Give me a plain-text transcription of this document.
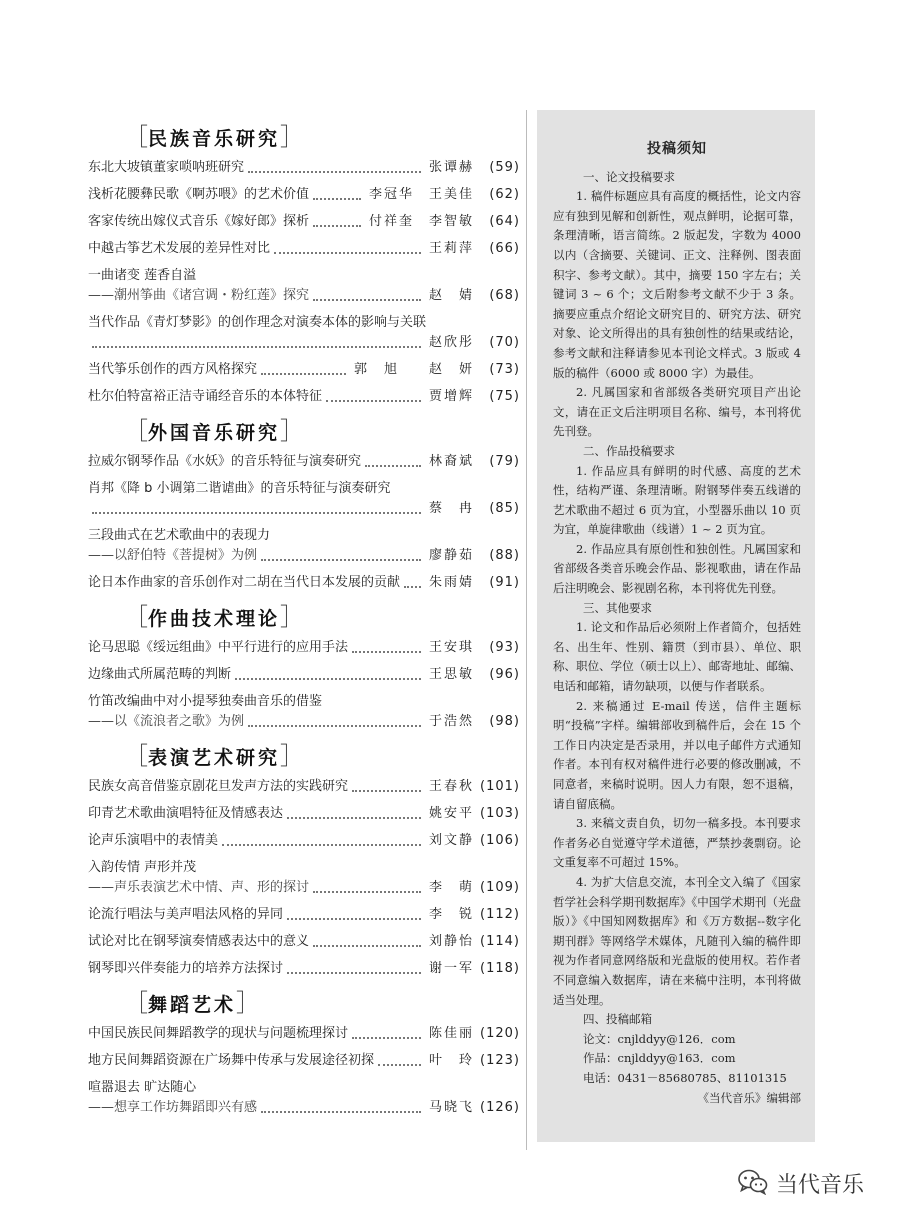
［民族音乐研究］
东北大坡镇董家唢呐班研究	张谭赫	(59)
浅析花腰彝民歌《啊苏喂》的艺术价值	李冠华　王美佳	(62)
客家传统出嫁仪式音乐《嫁好郎》探析	付祥奎　李智敏	(64)
中越古筝艺术发展的差异性对比	王莉萍	(66)
一曲诸变 莲香自溢
——潮州筝曲《诸宫调・粉红莲》探究	赵　婧	(68)
当代作品《青灯梦影》的创作理念对演奏本体的影响与关联
赵欣彤	(70)
当代筝乐创作的西方风格探究	郭　旭　　赵　妍	(73)
杜尔伯特富裕正洁寺诵经音乐的本体特征	贾增辉	(75)
［外国音乐研究］
拉威尔钢琴作品《水妖》的音乐特征与演奏研究	林裔斌	(79)
肖邦《降 b 小调第二谐谑曲》的音乐特征与演奏研究
蔡　冉	(85)
三段曲式在艺术歌曲中的表现力
——以舒伯特《菩提树》为例	廖静茹	(88)
论日本作曲家的音乐创作对二胡在当代日本发展的贡献 朱雨婧	(91)
［作曲技术理论］
论马思聪《绥远组曲》中平行进行的应用手法	王安琪	(93)
边缘曲式所属范畴的判断	王思敏	(96)
竹笛改编曲中对小提琴独奏曲音乐的借鉴
——以《流浪者之歌》为例	于浩然	(98)
［表演艺术研究］
民族女高音借鉴京剧花旦发声方法的实践研究	王春秋 (101)
印青艺术歌曲演唱特征及情感表达	姚安平 (103)
论声乐演唱中的表情美	刘文静 (106)
入韵传情 声形并茂
——声乐表演艺术中情、声、形的探讨	李　萌 (109)
论流行唱法与美声唱法风格的异同	李　锐 (112)
试论对比在钢琴演奏情感表达中的意义	刘静怡 (114)
钢琴即兴伴奏能力的培养方法探讨	谢一军 (118)
［舞蹈艺术］
中国民族民间舞蹈教学的现状与问题梳理探讨	陈佳丽 (120)
地方民间舞蹈资源在广场舞中传承与发展途径初探	叶　玲 (123)
喧嚣退去 旷达随心
——想享工作坊舞蹈即兴有感	马晓飞 (126)
投稿须知
一、论文投稿要求
1. 稿件标题应具有高度的概括性，论文内容应有独到见解和创新性，观点鲜明，论据可靠，条理清晰，语言简练。2 版起发，字数为 4000 以内（含摘要、关键词、正文、注释例、图表面积字、参考文献）。其中，摘要 150 字左右；关键词 3 ~ 6 个；文后附参考文献不少于 3 条。摘要应重点介绍论文研究目的、研究方法、研究对象、论文所得出的具有独创性的结果或结论，参考文献和注释请参见本刊论文样式。3 版或 4 版的稿件（6000 或 8000 字）为最佳。
2. 凡属国家和省部级各类研究项目产出论文，请在正文后注明项目名称、编号，本刊将优先刊登。
二、作品投稿要求
1. 作品应具有鲜明的时代感、高度的艺术性，结构严谨、条理清晰。附钢琴伴奏五线谱的艺术歌曲不超过 6 页为宜，小型器乐曲以 10 页为宜，单旋律歌曲（线谱）1 ~ 2 页为宜。
2. 作品应具有原创性和独创性。凡属国家和省部级各类音乐晚会作品、影视歌曲，请在作品后注明晚会、影视剧名称，本刊将优先刊登。
三、其他要求
1. 论文和作品后必须附上作者简介，包括姓名、出生年、性别、籍贯（到市县）、单位、职称、职位、学位（硕士以上）、邮寄地址、邮编、电话和邮箱，请勿缺项，以便与作者联系。
2. 来稿通过 E-mail 传送，信件主题标明“投稿”字样。编辑部收到稿件后，会在 15 个工作日内决定是否录用，并以电子邮件方式通知作者。本刊有权对稿件进行必要的修改删减，不同意者，来稿时说明。因人力有限，恕不退稿，请自留底稿。
3. 来稿文责自负，切勿一稿多投。本刊要求作者务必自觉遵守学术道德，严禁抄袭剽窃。论文重复率不可超过 15%。
4. 为扩大信息交流，本刊全文入编了《国家哲学社会科学期刊数据库》《中国学术期刊（光盘版）》《中国知网数据库》和《万方数据--数字化期刊群》等网络学术媒体，凡随刊入编的稿件即视为作者同意网络版和光盘版的使用权。若作者不同意编入数据库，请在来稿中注明，本刊将做适当处理。
四、投稿邮箱
论文：cnjlddyy@126．com
作品：cnjlddyy@163．com
电话：0431－85680785、81101315
《当代音乐》编辑部
当代音乐
